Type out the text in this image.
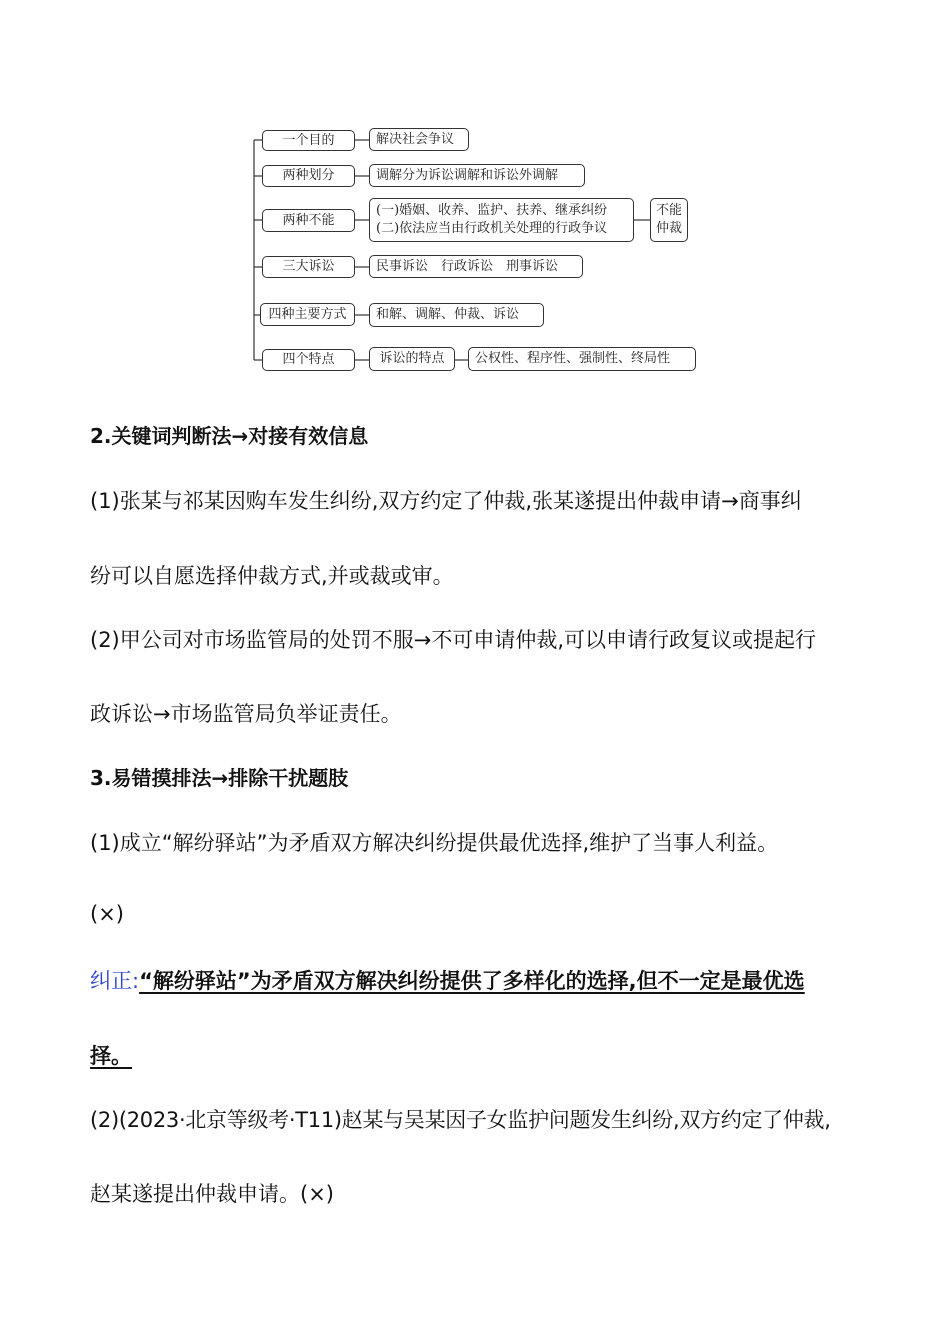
一个目的	解决社会争议
两种划分	调解分为诉讼调解和诉讼外调解
两种不能
(一)婚姻、收养、监护、扶养、继承纠纷
(二)依法应当由行政机关处理的行政争议
不能
仲裁
三大诉讼	民事诉讼　行政诉讼　刑事诉讼
四种主要方式	和解、调解、仲裁、诉讼
四个特点	诉讼的特点	公权性、程序性、强制性、终局性
2.关键词判断法→对接有效信息
(1)张某与祁某因购车发生纠纷,双方约定了仲裁,张某遂提出仲裁申请→商事纠
纷可以自愿选择仲裁方式,并或裁或审。
(2)甲公司对市场监管局的处罚不服→不可申请仲裁,可以申请行政复议或提起行
政诉讼→市场监管局负举证责任。
3.易错摸排法→排除干扰题肢
(1)成立“解纷驿站”为矛盾双方解决纠纷提供最优选择,维护了当事人利益。
(×)
纠正:“解纷驿站”为矛盾双方解决纠纷提供了多样化的选择,但不一定是最优选
择。
(2)(2023·北京等级考·T11)赵某与吴某因子女监护问题发生纠纷,双方约定了仲裁,
赵某遂提出仲裁申请。(×)
